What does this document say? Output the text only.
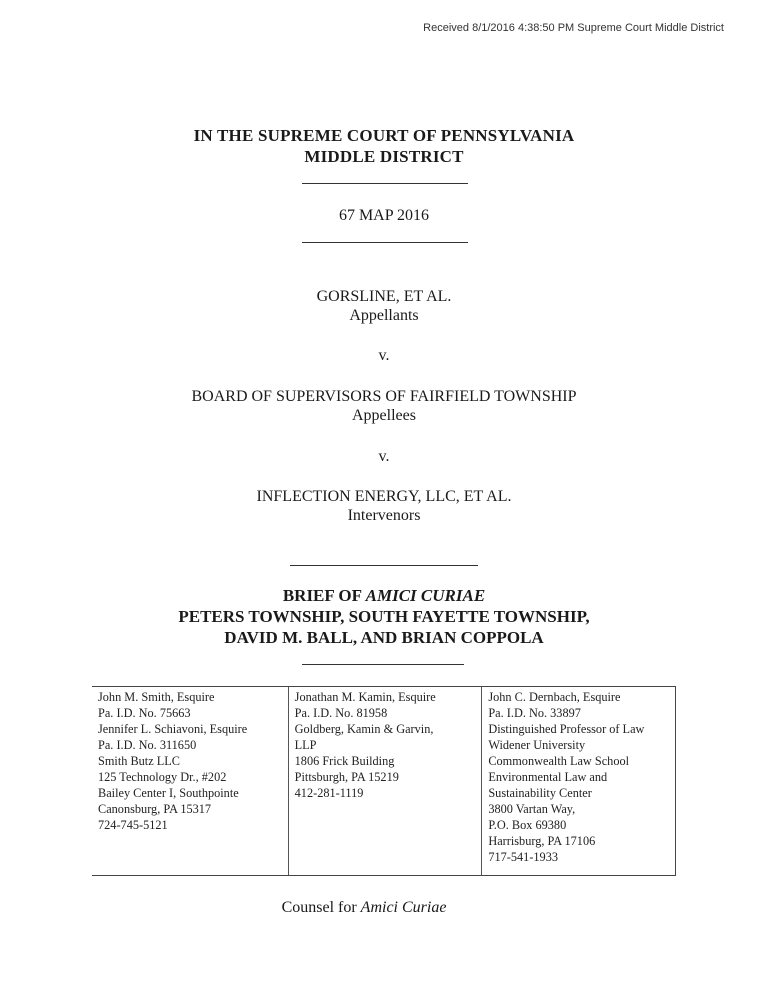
Received 8/1/2016 4:38:50 PM Supreme Court Middle District
IN THE SUPREME COURT OF PENNSYLVANIA
MIDDLE DISTRICT
67 MAP 2016
GORSLINE, ET AL.
Appellants
v.
BOARD OF SUPERVISORS OF FAIRFIELD TOWNSHIP
Appellees
v.
INFLECTION ENERGY, LLC, ET AL.
Intervenors
BRIEF OF AMICI CURIAE
PETERS TOWNSHIP, SOUTH FAYETTE TOWNSHIP,
DAVID M. BALL, AND BRIAN COPPOLA
John M. Smith, Esquire
Pa. I.D. No. 75663
Jennifer L. Schiavoni, Esquire
Pa. I.D. No. 311650
Smith Butz LLC
125 Technology Dr., #202
Bailey Center I, Southpointe
Canonsburg, PA 15317
724-745-5121
Jonathan M. Kamin, Esquire
Pa. I.D. No. 81958
Goldberg, Kamin & Garvin,
LLP
1806 Frick Building
Pittsburgh, PA 15219
412-281-1119
John C. Dernbach, Esquire
Pa. I.D. No. 33897
Distinguished Professor of Law
Widener University
Commonwealth Law School
Environmental Law and
Sustainability Center
3800 Vartan Way,
P.O. Box 69380
Harrisburg, PA 17106
717-541-1933
Counsel for Amici Curiae
